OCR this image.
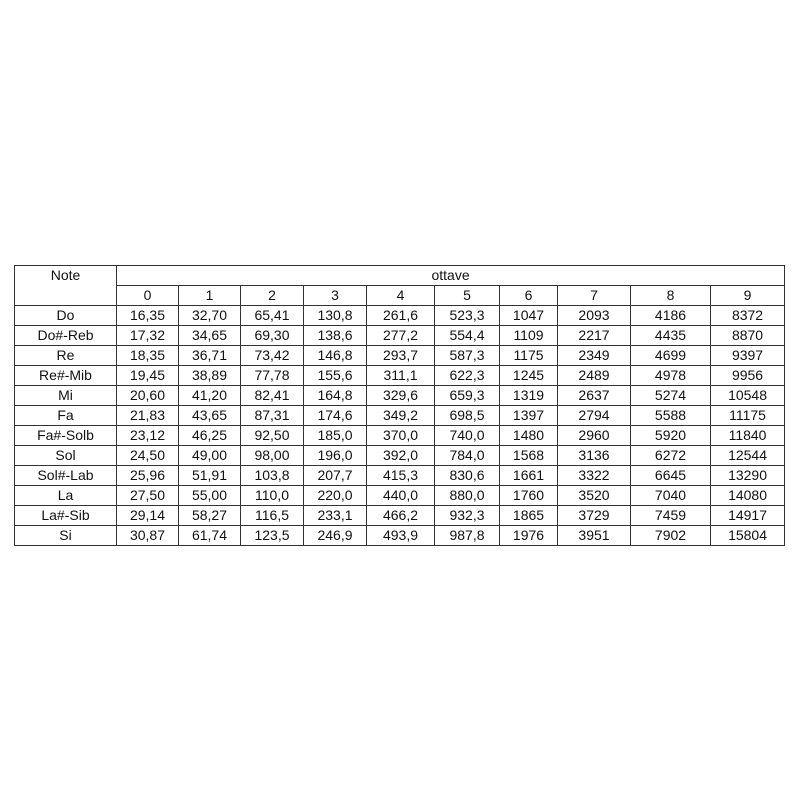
Note	ottave									
	0	1	2	3	4	5	6	7	8	9
Do	16,35	32,70	65,41	130,8	261,6	523,3	1047	2093	4186	8372
Do#-Reb	17,32	34,65	69,30	138,6	277,2	554,4	1109	2217	4435	8870
Re	18,35	36,71	73,42	146,8	293,7	587,3	1175	2349	4699	9397
Re#-Mib	19,45	38,89	77,78	155,6	311,1	622,3	1245	2489	4978	9956
Mi	20,60	41,20	82,41	164,8	329,6	659,3	1319	2637	5274	10548
Fa	21,83	43,65	87,31	174,6	349,2	698,5	1397	2794	5588	11175
Fa#-Solb	23,12	46,25	92,50	185,0	370,0	740,0	1480	2960	5920	11840
Sol	24,50	49,00	98,00	196,0	392,0	784,0	1568	3136	6272	12544
Sol#-Lab	25,96	51,91	103,8	207,7	415,3	830,6	1661	3322	6645	13290
La	27,50	55,00	110,0	220,0	440,0	880,0	1760	3520	7040	14080
La#-Sib	29,14	58,27	116,5	233,1	466,2	932,3	1865	3729	7459	14917
Si	30,87	61,74	123,5	246,9	493,9	987,8	1976	3951	7902	15804
